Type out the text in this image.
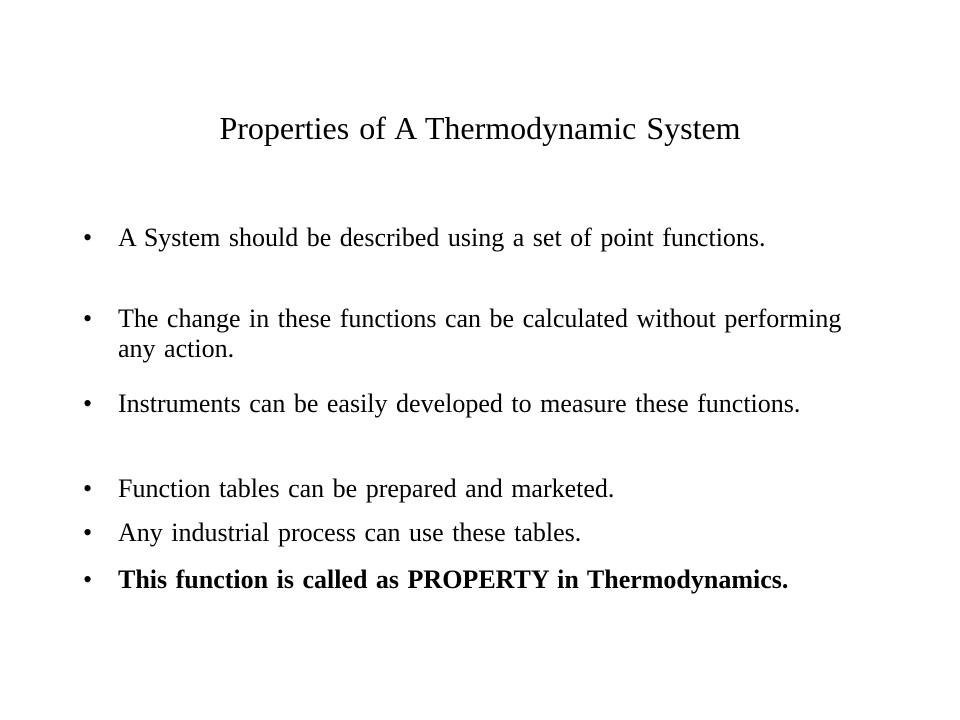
Properties of A Thermodynamic System
• A System should be described using a set of point functions.
• The change in these functions can be calculated without performing any action.
• Instruments can be easily developed to measure these functions.
• Function tables can be prepared and marketed.
• Any industrial process can use these tables.
• This function is called as PROPERTY in Thermodynamics.
